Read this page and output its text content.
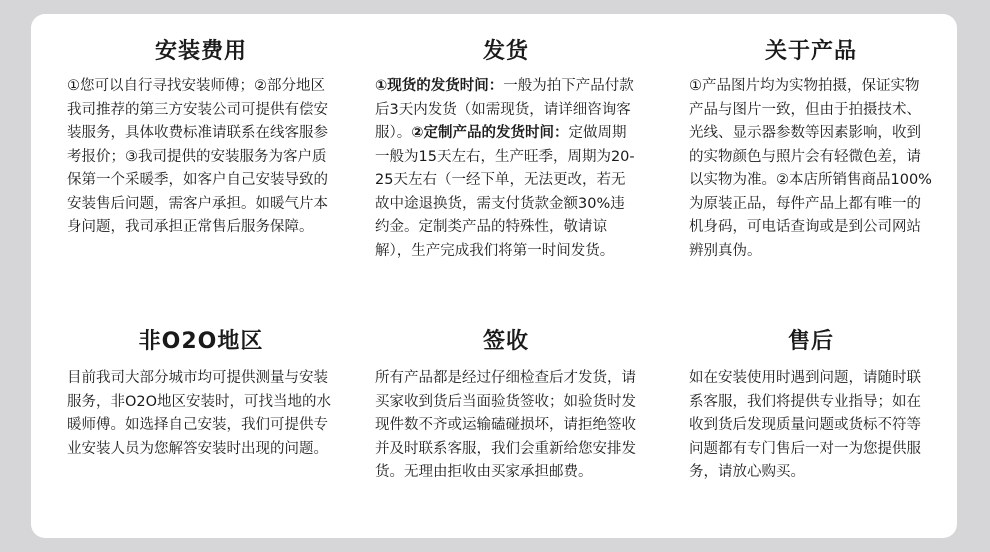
安装费用

①您可以自行寻找安装师傅；②部分地区我司推荐的第三方安装公司可提供有偿安装服务，具体收费标准请联系在线客服参考报价；③我司提供的安装服务为客户质保第一个采暖季，如客户自己安装导致的安装售后问题，需客户承担。如暖气片本身问题，我司承担正常售后服务保障。

发货

①现货的发货时间：一般为拍下产品付款后3天内发货（如需现货，请详细咨询客服）。②定制产品的发货时间：定做周期一般为15天左右，生产旺季，周期为20-25天左右（一经下单，无法更改，若无故中途退换货，需支付货款金额30%违约金。定制类产品的特殊性，敬请谅解），生产完成我们将第一时间发货。

关于产品

①产品图片均为实物拍摄，保证实物产品与图片一致，但由于拍摄技术、光线、显示器参数等因素影响，收到的实物颜色与照片会有轻微色差，请以实物为准。②本店所销售商品100%为原装正品，每件产品上都有唯一的机身码，可电话查询或是到公司网站辨别真伪。

非O2O地区

目前我司大部分城市均可提供测量与安装服务，非O2O地区安装时，可找当地的水暖师傅。如选择自己安装，我们可提供专业安装人员为您解答安装时出现的问题。

签收

所有产品都是经过仔细检查后才发货，请买家收到货后当面验货签收；如验货时发现件数不齐或运输磕碰损坏，请拒绝签收并及时联系客服，我们会重新给您安排发货。无理由拒收由买家承担邮费。

售后

如在安装使用时遇到问题，请随时联系客服，我们将提供专业指导；如在收到货后发现质量问题或货标不符等问题都有专门售后一对一为您提供服务，请放心购买。
